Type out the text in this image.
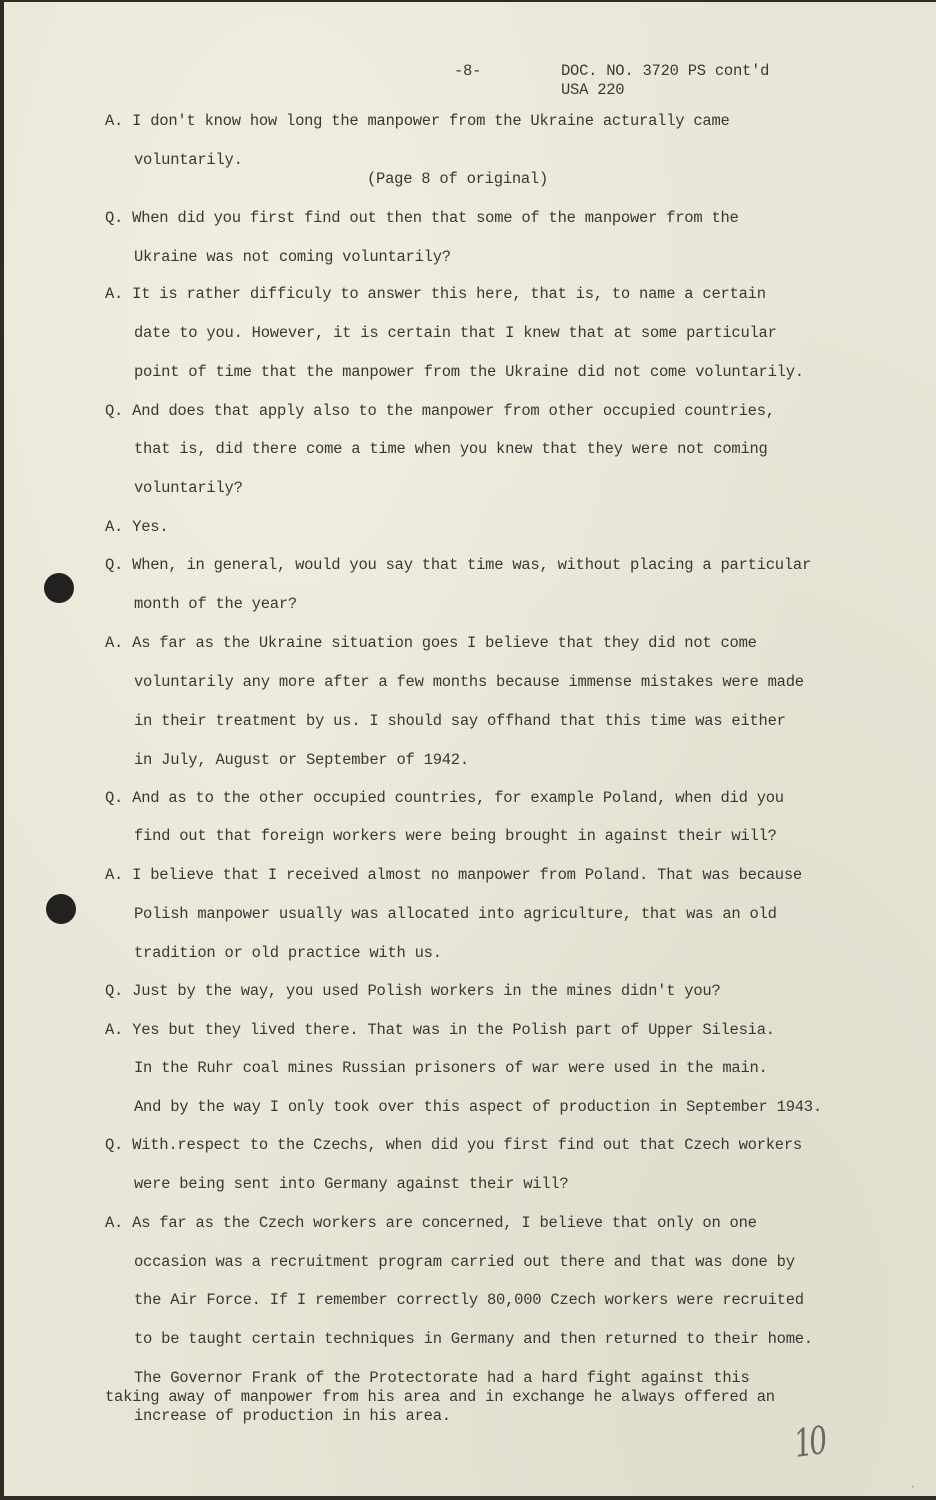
-8-	DOC. NO. 3720 PS cont'd
USA 220
A. I don't know how long the manpower from the Ukraine acturally came
voluntarily.
(Page 8 of original)
Q. When did you first find out then that some of the manpower from the
Ukraine was not coming voluntarily?
A. It is rather difficuly to answer this here, that is, to name a certain
date to you. However, it is certain that I knew that at some particular
point of time that the manpower from the Ukraine did not come voluntarily.
Q. And does that apply also to the manpower from other occupied countries,
that is, did there come a time when you knew that they were not coming
voluntarily?
A. Yes.
Q. When, in general, would you say that time was, without placing a particular
month of the year?
A. As far as the Ukraine situation goes I believe that they did not come
voluntarily any more after a few months because immense mistakes were made
in their treatment by us. I should say offhand that this time was either
in July, August or September of 1942.
Q. And as to the other occupied countries, for example Poland, when did you
find out that foreign workers were being brought in against their will?
A. I believe that I received almost no manpower from Poland. That was because
Polish manpower usually was allocated into agriculture, that was an old
tradition or old practice with us.
Q. Just by the way, you used Polish workers in the mines didn't you?
A. Yes but they lived there. That was in the Polish part of Upper Silesia.
In the Ruhr coal mines Russian prisoners of war were used in the main.
And by the way I only took over this aspect of production in September 1943.
Q. With.respect to the Czechs, when did you first find out that Czech workers
were being sent into Germany against their will?
A. As far as the Czech workers are concerned, I believe that only on one
occasion was a recruitment program carried out there and that was done by
the Air Force. If I remember correctly 80,000 Czech workers were recruited
to be taught certain techniques in Germany and then returned to their home.
The Governor Frank of the Protectorate had a hard fight against this
taking away of manpower from his area and in exchange he always offered an
increase of production in his area.
10
⋅
